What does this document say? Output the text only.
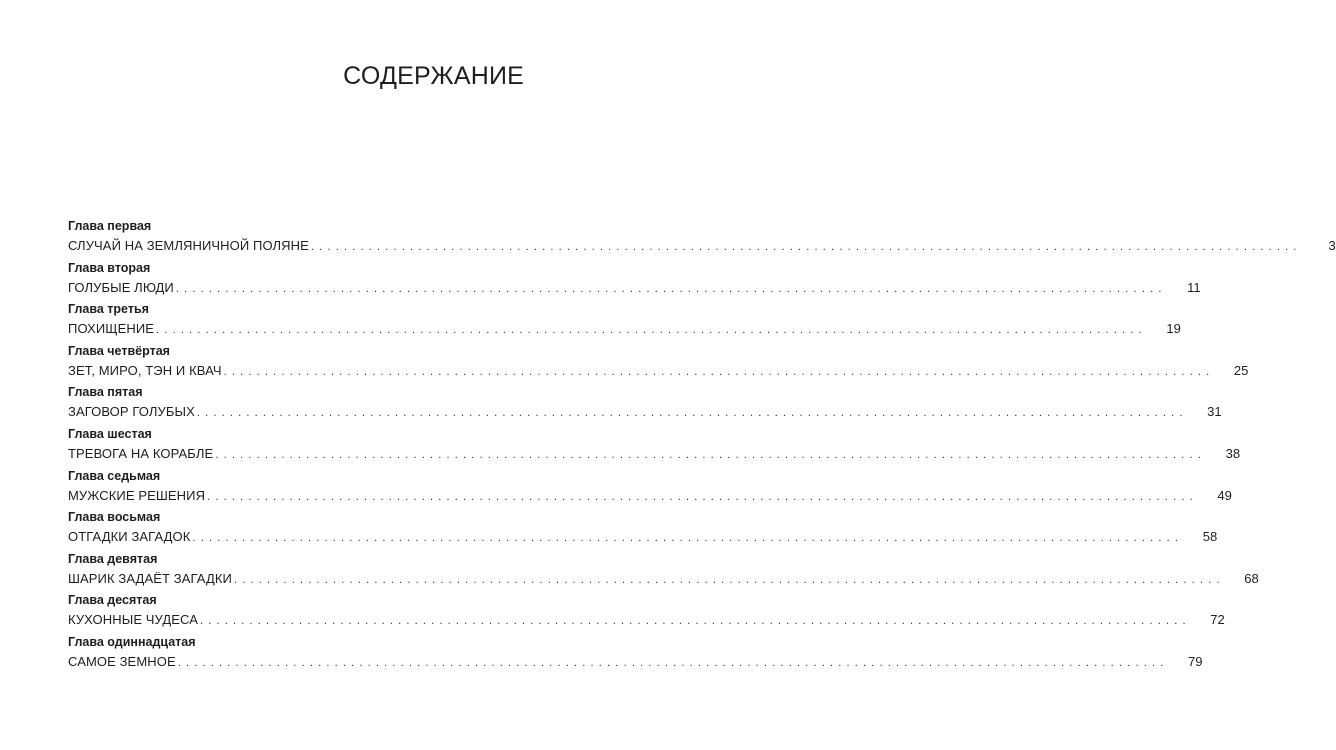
СОДЕРЖАНИЕ
Глава первая
СЛУЧАЙ НА ЗЕМЛЯНИЧНОЙ ПОЛЯНЕ ........................................................................................................................	3
Глава вторая
ГОЛУБЫЕ ЛЮДИ ........................................................................................................................	11
Глава третья
ПОХИЩЕНИЕ ........................................................................................................................	19
Глава четвёртая
ЗЕТ, МИРО, ТЭН И КВАЧ ........................................................................................................................	25
Глава пятая
ЗАГОВОР ГОЛУБЫХ ........................................................................................................................	31
Глава шестая
ТРЕВОГА НА КОРАБЛЕ ........................................................................................................................	38
Глава седьмая
МУЖСКИЕ РЕШЕНИЯ ........................................................................................................................	49
Глава восьмая
ОТГАДКИ ЗАГАДОК ........................................................................................................................	58
Глава девятая
ШАРИК ЗАДАЁТ ЗАГАДКИ ........................................................................................................................	68
Глава десятая
КУХОННЫЕ ЧУДЕСА ........................................................................................................................	72
Глава одиннадцатая
САМОЕ ЗЕМНОЕ ........................................................................................................................	79
